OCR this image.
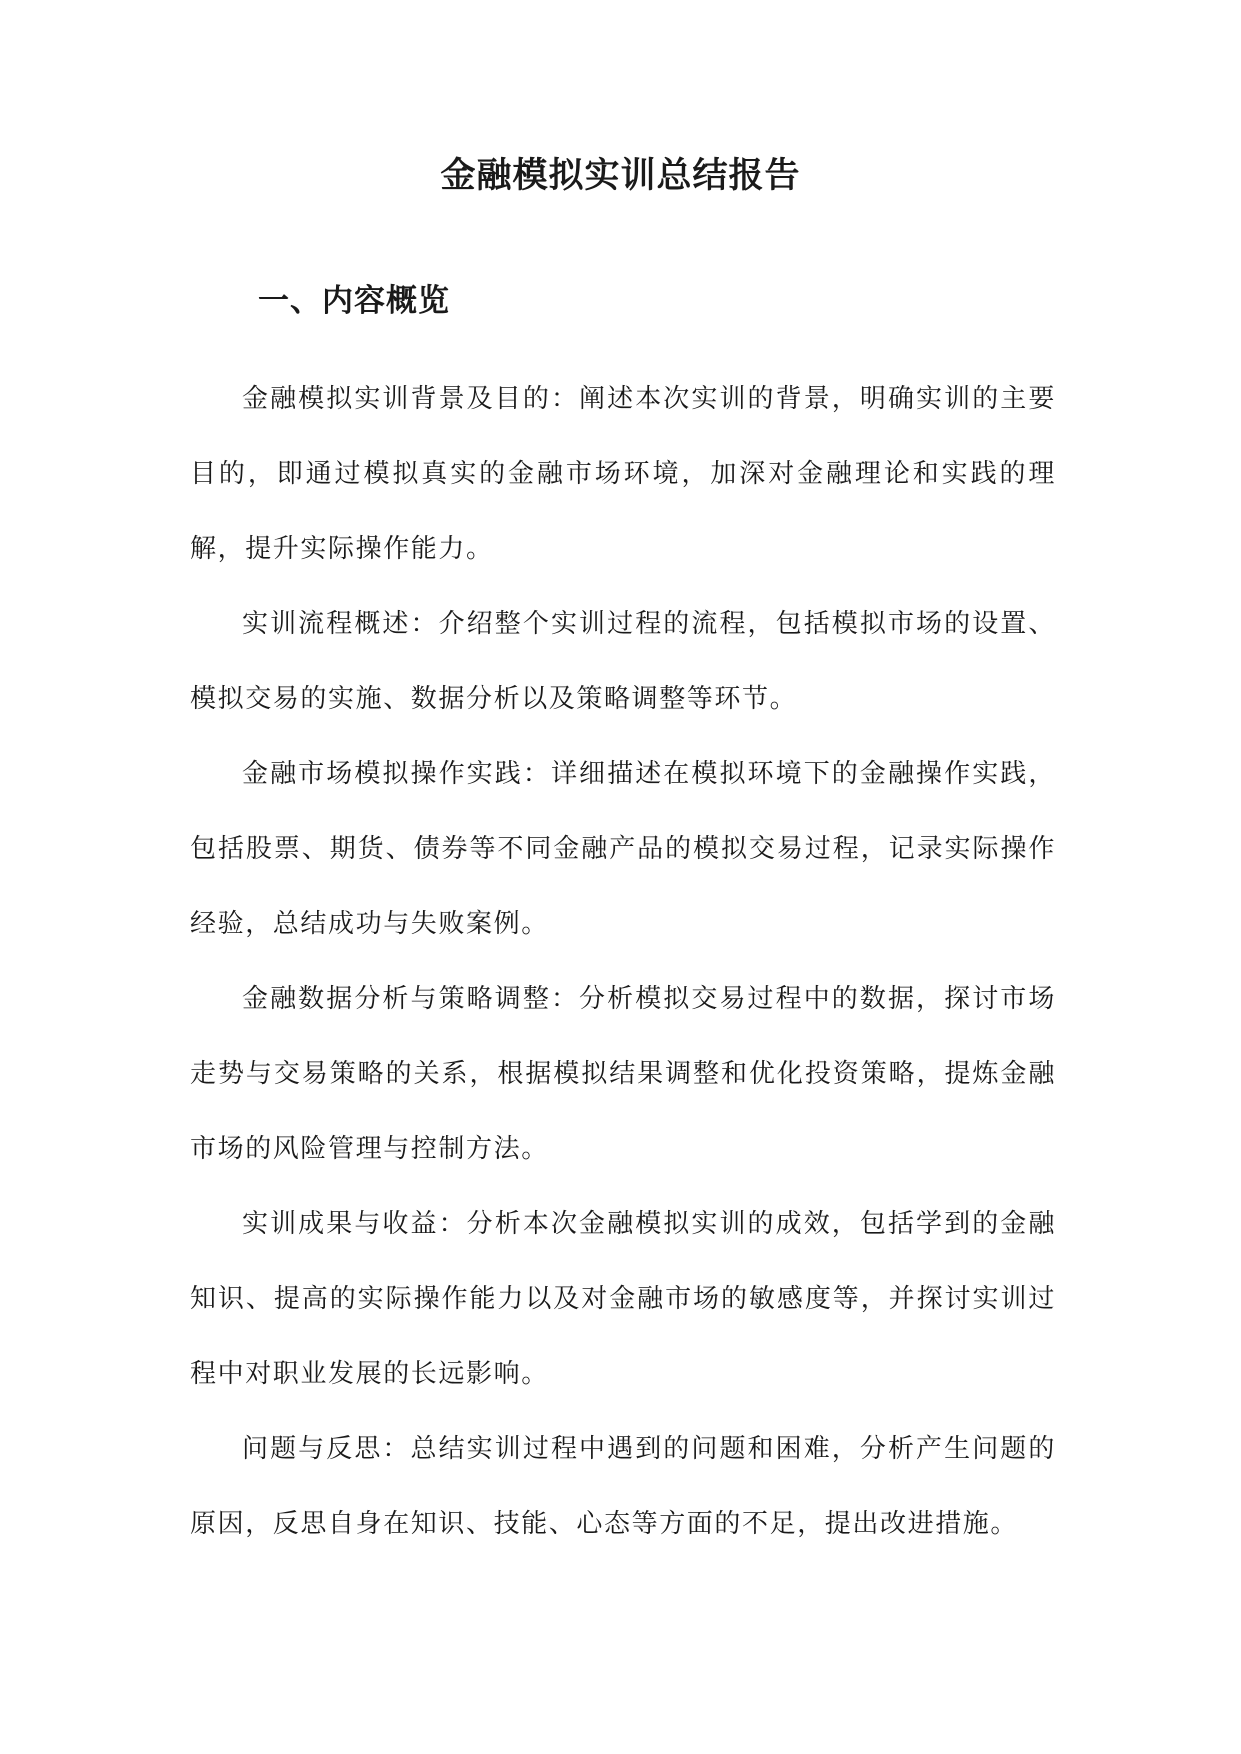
金融模拟实训总结报告
一、内容概览

金融模拟实训背景及目的：阐述本次实训的背景，明确实训的主要目的，即通过模拟真实的金融市场环境，加深对金融理论和实践的理解，提升实际操作能力。

实训流程概述：介绍整个实训过程的流程，包括模拟市场的设置、模拟交易的实施、数据分析以及策略调整等环节。

金融市场模拟操作实践：详细描述在模拟环境下的金融操作实践，包括股票、期货、债券等不同金融产品的模拟交易过程，记录实际操作经验，总结成功与失败案例。

金融数据分析与策略调整：分析模拟交易过程中的数据，探讨市场走势与交易策略的关系，根据模拟结果调整和优化投资策略，提炼金融市场的风险管理与控制方法。

实训成果与收益：分析本次金融模拟实训的成效，包括学到的金融知识、提高的实际操作能力以及对金融市场的敏感度等，并探讨实训过程中对职业发展的长远影响。

问题与反思：总结实训过程中遇到的问题和困难，分析产生问题的原因，反思自身在知识、技能、心态等方面的不足，提出改进措施。
